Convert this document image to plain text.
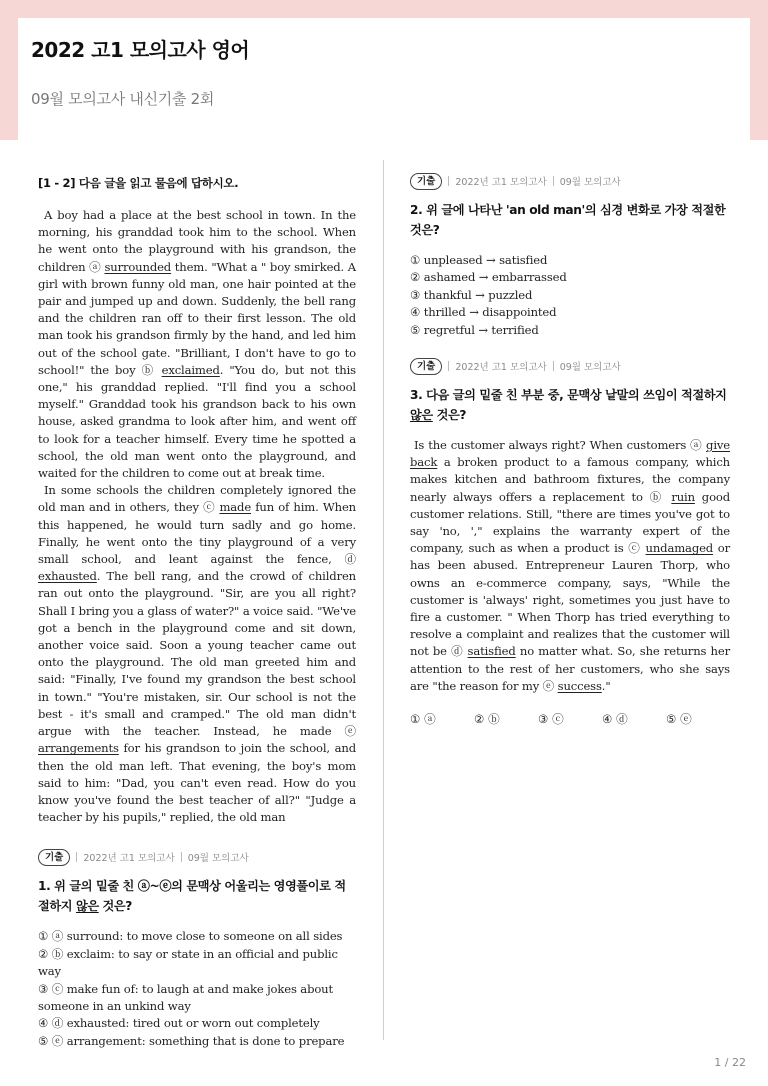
2022 고1 모의고사 영어
09월 모의고사 내신기출 2회
[1 - 2] 다음 글을 읽고 물음에 답하시오.

A boy had a place at the best school in town. In the morning, his granddad took him to the school. When he went onto the playground with his grandson, the children ⓐ surrounded them. "What a " boy smirked. A girl with brown funny old man, one hair pointed at the pair and jumped up and down. Suddenly, the bell rang and the children ran off to their first lesson. The old man took his grandson firmly by the hand, and led him out of the school gate. "Brilliant, I don't have to go to school!" the boy ⓑ exclaimed. "You do, but not this one," his granddad replied. "I'll find you a school myself." Granddad took his grandson back to his own house, asked grandma to look after him, and went off to look for a teacher himself. Every time he spotted a school, the old man went onto the playground, and waited for the children to come out at break time.

In some schools the children completely ignored the old man and in others, they ⓒ made fun of him. When this happened, he would turn sadly and go home. Finally, he went onto the tiny playground of a very small school, and leant against the fence, ⓓ exhausted. The bell rang, and the crowd of children ran out onto the playground. "Sir, are you all right? Shall I bring you a glass of water?" a voice said. "We've got a bench in the playground come and sit down, another voice said. Soon a young teacher came out onto the playground. The old man greeted him and said: "Finally, I've found my grandson the best school in town." "You're mistaken, sir. Our school is not the best - it's small and cramped." The old man didn't argue with the teacher. Instead, he made ⓔ arrangements for his grandson to join the school, and then the old man left. That evening, the boy's mom said to him: "Dad, you can't even read. How do you know you've found the best teacher of all?" "Judge a teacher by his pupils," replied, the old man

기출	2022년 고1 모의고사 09월 모의고사
1. 위 글의 밑줄 친 ⓐ~ⓔ의 문맥상 어울리는 영영풀이로 적절하지 않은 것은?
① ⓐ surround: to move close to someone on all sides
② ⓑ exclaim: to say or state in an official and public way
③ ⓒ make fun of: to laugh at and make jokes about someone in an unkind way
④ ⓓ exhausted: tired out or worn out completely
⑤ ⓔ arrangement: something that is done to prepare
기출	2022년 고1 모의고사 09월 모의고사
2. 위 글에 나타난 'an old man'의 심경 변화로 가장 적절한 것은?
① unpleased → satisfied
② ashamed → embarrassed
③ thankful → puzzled
④ thrilled → disappointed
⑤ regretful → terrified
기출	2022년 고1 모의고사 09월 모의고사
3. 다음 글의 밑줄 친 부분 중, 문맥상 낱말의 쓰임이 적절하지 않은 것은?

Is the customer always right? When customers ⓐ give back a broken product to a famous company, which makes kitchen and bathroom fixtures, the company nearly always offers a replacement to ⓑ ruin good customer relations. Still, "there are times you've got to say 'no, '," explains the warranty expert of the company, such as when a product is ⓒ undamaged or has been abused. Entrepreneur Lauren Thorp, who owns an e-commerce company, says, "While the customer is 'always' right, sometimes you just have to fire a customer. " When Thorp has tried everything to resolve a complaint and realizes that the customer will not be ⓓ satisfied no matter what. So, she returns her attention to the rest of her customers, who she says are "the reason for my ⓔ success."

① ⓐ	② ⓑ	③ ⓒ	④ ⓓ	⑤ ⓔ
1 / 22
